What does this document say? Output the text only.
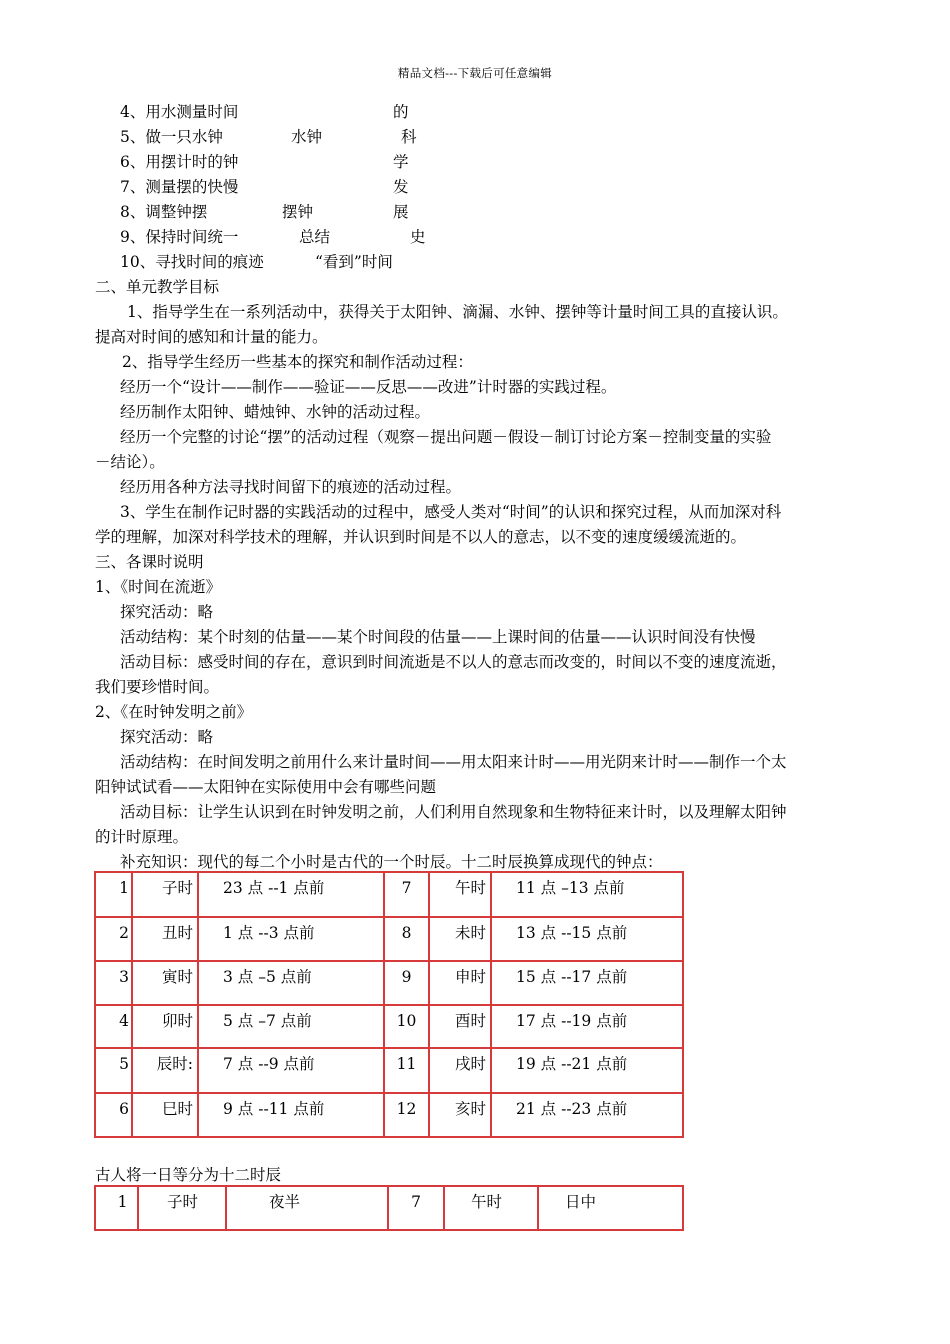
精品文档---下载后可任意编辑
4、用水测量时间	的
5、做一只水钟	水钟	科
6、用摆计时的钟	学
7、测量摆的快慢	发
8、调整钟摆	摆钟	展
9、保持时间统一	总结	史
10、寻找时间的痕迹	“看到”时间
二、单元教学目标
1、指导学生在一系列活动中，获得关于太阳钟、滴漏、水钟、摆钟等计量时间工具的直接认识。
提高对时间的感知和计量的能力。
2、指导学生经历一些基本的探究和制作活动过程：
经历一个“设计——制作——验证——反思——改进”计时器的实践过程。
经历制作太阳钟、蜡烛钟、水钟的活动过程。
经历一个完整的讨论“摆”的活动过程（观察－提出问题－假设－制订讨论方案－控制变量的实验
－结论）。
经历用各种方法寻找时间留下的痕迹的活动过程。
3、学生在制作记时器的实践活动的过程中，感受人类对“时间”的认识和探究过程，从而加深对科
学的理解，加深对科学技术的理解，并认识到时间是不以人的意志，以不变的速度缓缓流逝的。
三、各课时说明
1、《时间在流逝》
探究活动：略
活动结构：某个时刻的估量——某个时间段的估量——上课时间的估量——认识时间没有快慢
活动目标：感受时间的存在，意识到时间流逝是不以人的意志而改变的，时间以不变的速度流逝，
我们要珍惜时间。
2、《在时钟发明之前》
探究活动：略
活动结构：在时间发明之前用什么来计量时间——用太阳来计时——用光阴来计时——制作一个太
阳钟试试看——太阳钟在实际使用中会有哪些问题
活动目标：让学生认识到在时钟发明之前，人们利用自然现象和生物特征来计时，以及理解太阳钟
的计时原理。
补充知识：现代的每二个小时是古代的一个时辰。十二时辰换算成现代的钟点：
1	子时	23 点 --1 点前	7	午时	11 点 –13 点前
2	丑时	1 点 --3 点前	8	未时	13 点 --15 点前
3	寅时	3 点 –5 点前	9	申时	15 点 --17 点前
4	卯时	5 点 –7 点前	10	酉时	17 点 --19 点前
5	辰时:	7 点 --9 点前	11	戌时	19 点 --21 点前
6	巳时	9 点 --11 点前	12	亥时	21 点 --23 点前
古人将一日等分为十二时辰
1	子时	夜半	7	午时	日中
